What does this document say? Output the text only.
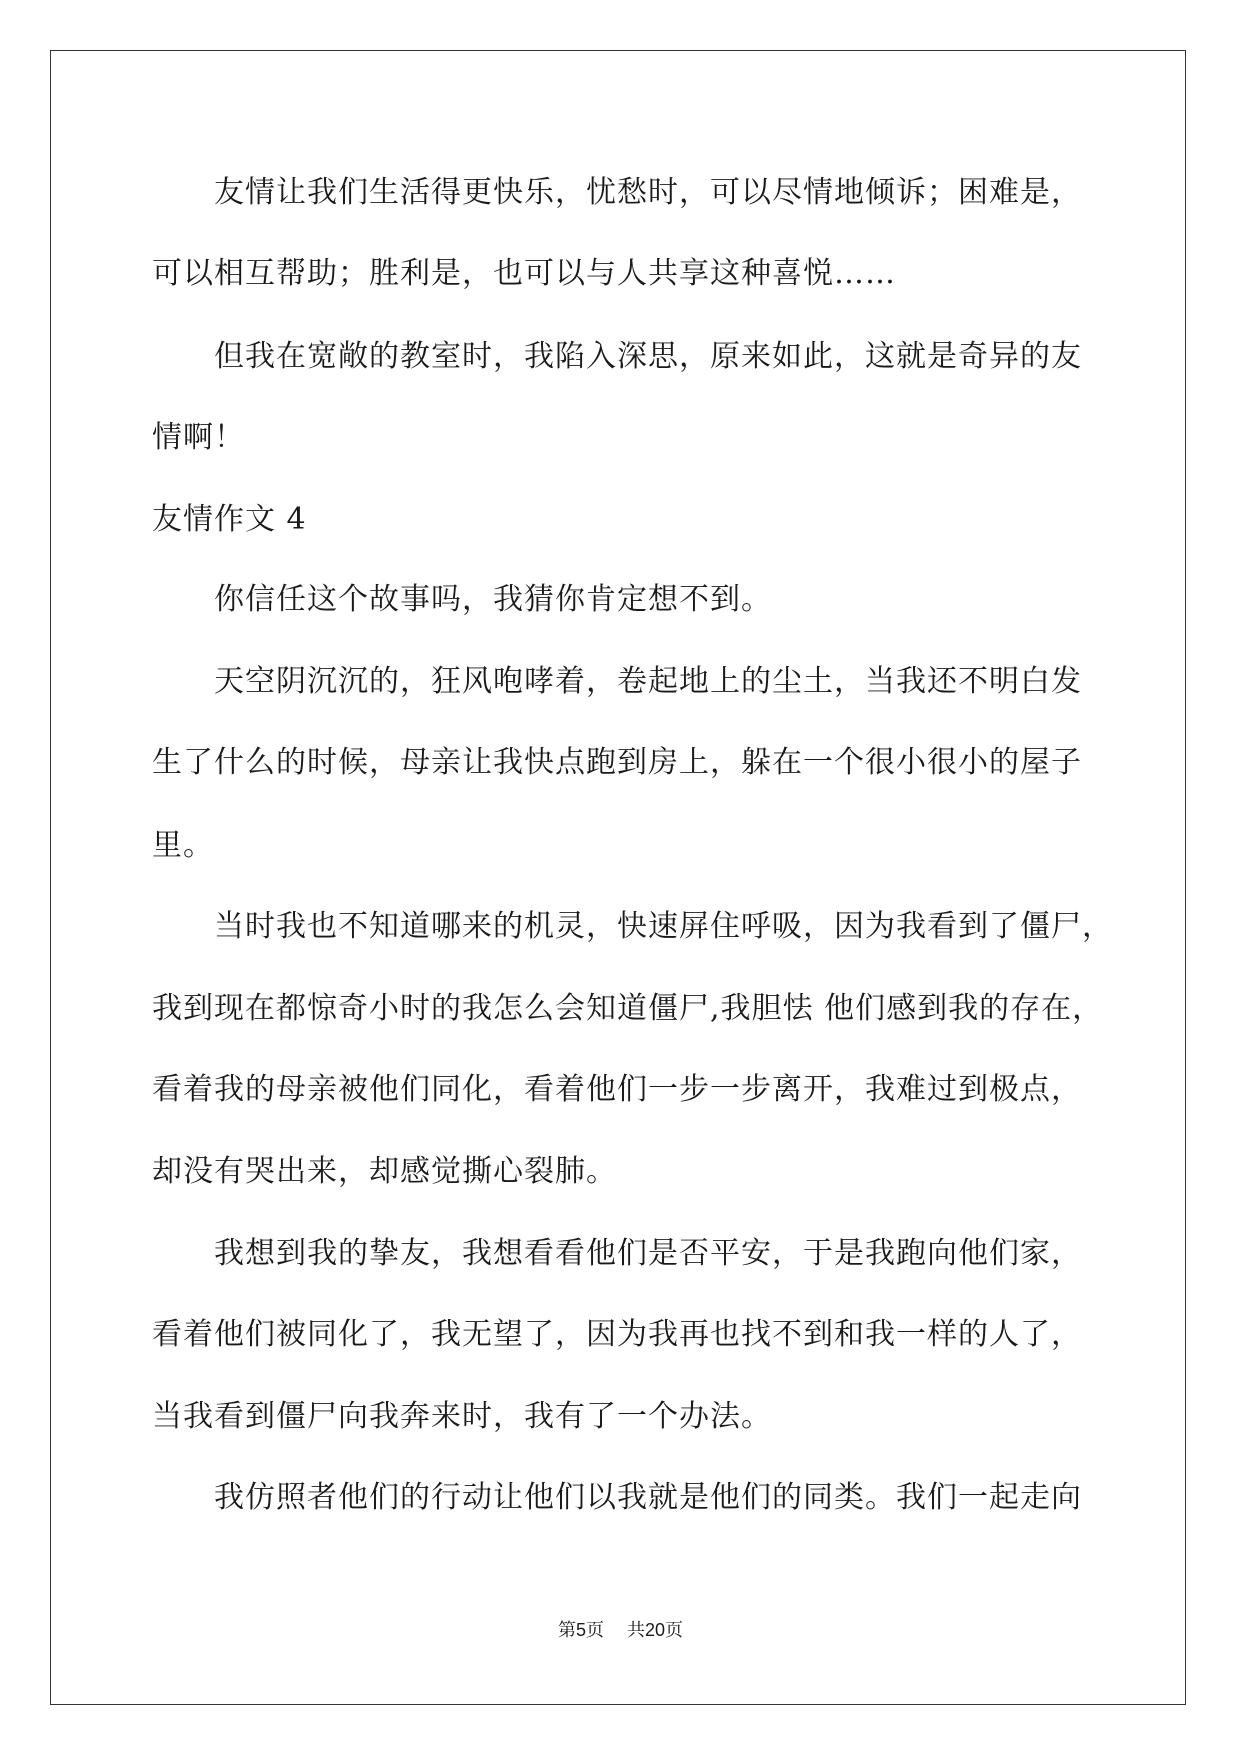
友情让我们生活得更快乐，忧愁时，可以尽情地倾诉；困难是，
可以相互帮助；胜利是，也可以与人共享这种喜悦……
但我在宽敞的教室时，我陷入深思，原来如此，这就是奇异的友
情啊！
友情作文 4
你信任这个故事吗，我猜你肯定想不到。
天空阴沉沉的，狂风咆哮着，卷起地上的尘土，当我还不明白发
生了什么的时候，母亲让我快点跑到房上，躲在一个很小很小的屋子
里。
当时我也不知道哪来的机灵，快速屏住呼吸，因为我看到了僵尸，
我到现在都惊奇小时的我怎么会知道僵尸,我胆怯 他们感到我的存在，
看着我的母亲被他们同化，看着他们一步一步离开，我难过到极点，
却没有哭出来，却感觉撕心裂肺。
我想到我的挚友，我想看看他们是否平安，于是我跑向他们家，
看着他们被同化了，我无望了，因为我再也找不到和我一样的人了，
当我看到僵尸向我奔来时，我有了一个办法。
我仿照者他们的行动让他们以我就是他们的同类。我们一起走向
第5页 共20页
